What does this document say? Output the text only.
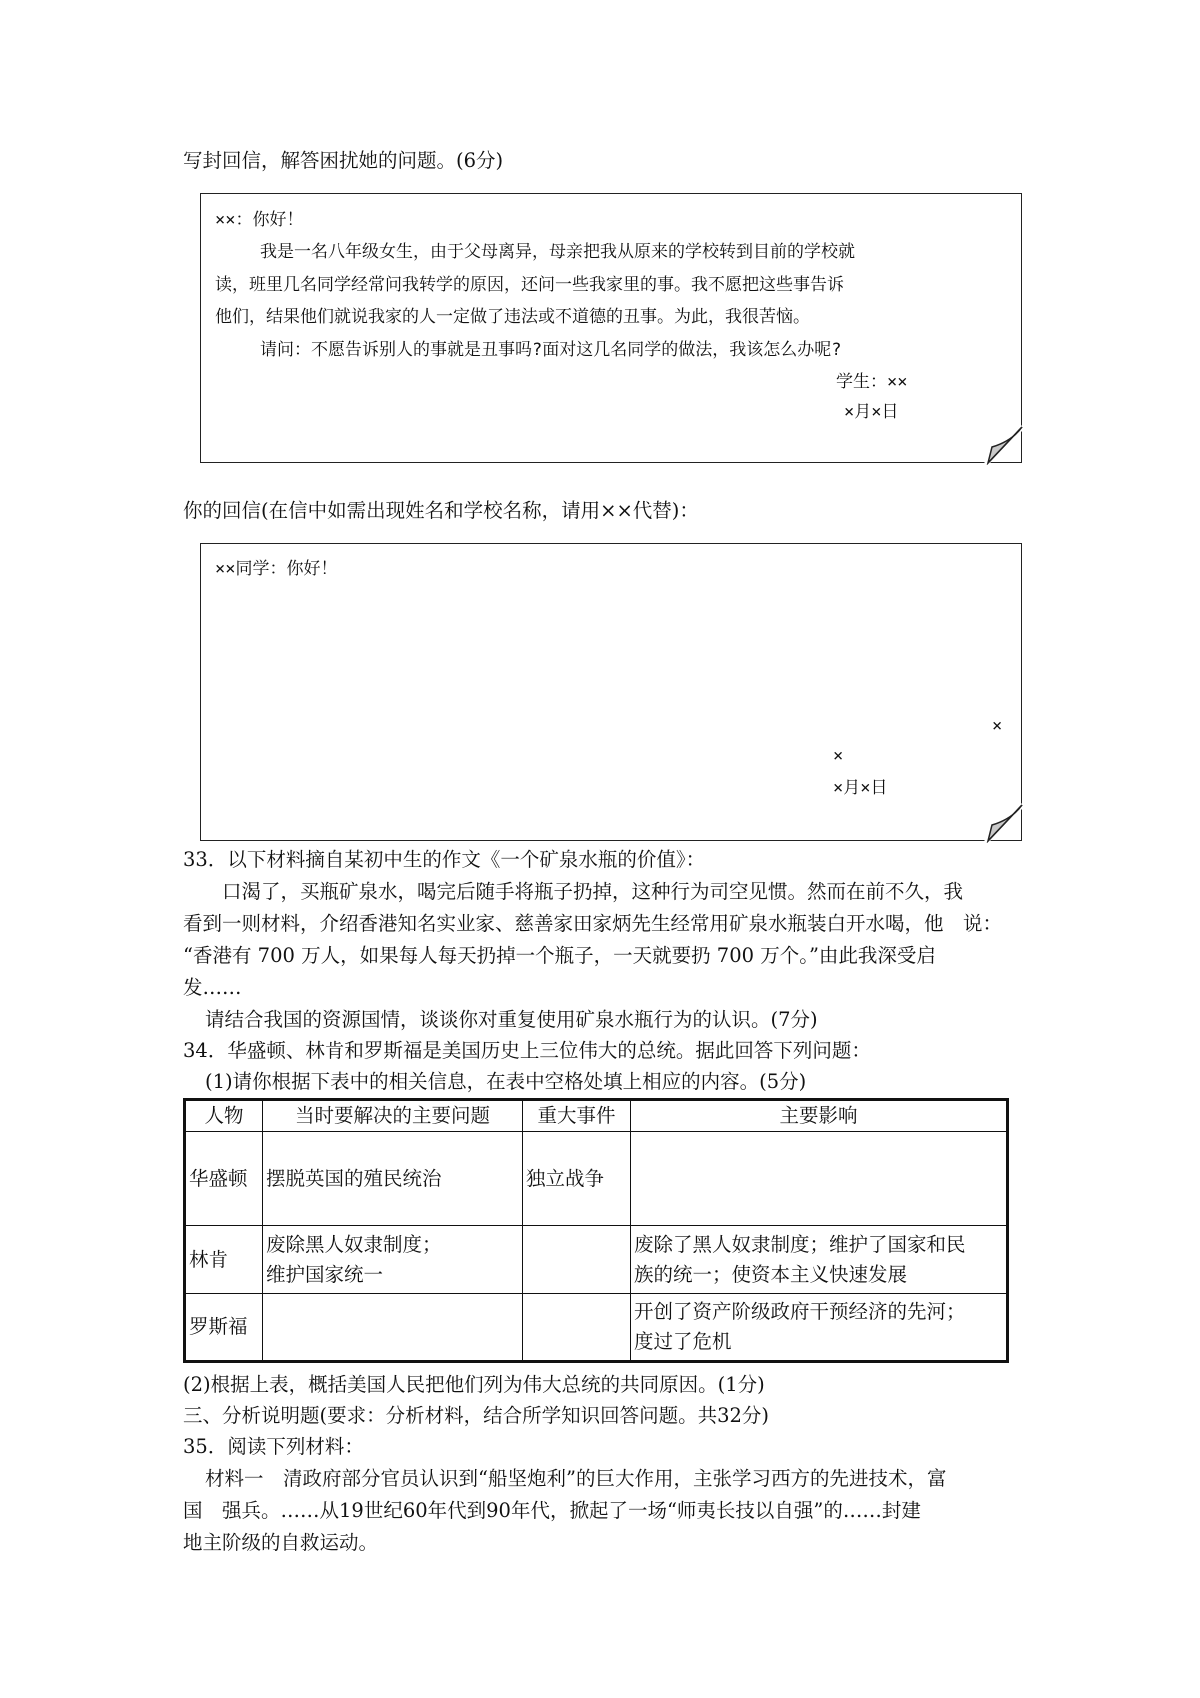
写封回信，解答困扰她的问题。(6分)
××：你好！
我是一名八年级女生，由于父母离异，母亲把我从原来的学校转到目前的学校就
读，班里几名同学经常问我转学的原因，还问一些我家里的事。我不愿把这些事告诉
他们，结果他们就说我家的人一定做了违法或不道德的丑事。为此，我很苦恼。
请问：不愿告诉别人的事就是丑事吗?面对这几名同学的做法，我该怎么办呢?
学生：××
×月×日
你的回信(在信中如需出现姓名和学校名称，请用××代替)：
××同学：你好！
×
×
×月×日
33．以下材料摘自某初中生的作文《一个矿泉水瓶的价值》：
口渴了，买瓶矿泉水，喝完后随手将瓶子扔掉，这种行为司空见惯。然而在前不久，我
看到一则材料，介绍香港知名实业家、慈善家田家炳先生经常用矿泉水瓶装白开水喝，他　说：
“香港有 700 万人，如果每人每天扔掉一个瓶子，一天就要扔 700 万个。”由此我深受启
发……
请结合我国的资源国情，谈谈你对重复使用矿泉水瓶行为的认识。(7分)
34．华盛顿、林肯和罗斯福是美国历史上三位伟大的总统。据此回答下列问题：
(1)请你根据下表中的相关信息，在表中空格处填上相应的内容。(5分)
人物	当时要解决的主要问题	重大事件	主要影响
华盛顿	摆脱英国的殖民统治	独立战争	
林肯	废除黑人奴隶制度；
维护国家统一		废除了黑人奴隶制度；维护了国家和民
族的统一；使资本主义快速发展
罗斯福			开创了资产阶级政府干预经济的先河；
度过了危机
(2)根据上表，概括美国人民把他们列为伟大总统的共同原因。(1分)
三、分析说明题(要求：分析材料，结合所学知识回答问题。共32分)
35．阅读下列材料：
材料一　清政府部分官员认识到“船坚炮利”的巨大作用，主张学习西方的先进技术，富
国　强兵。……从19世纪60年代到90年代，掀起了一场“师夷长技以自强”的……封建
地主阶级的自救运动。
